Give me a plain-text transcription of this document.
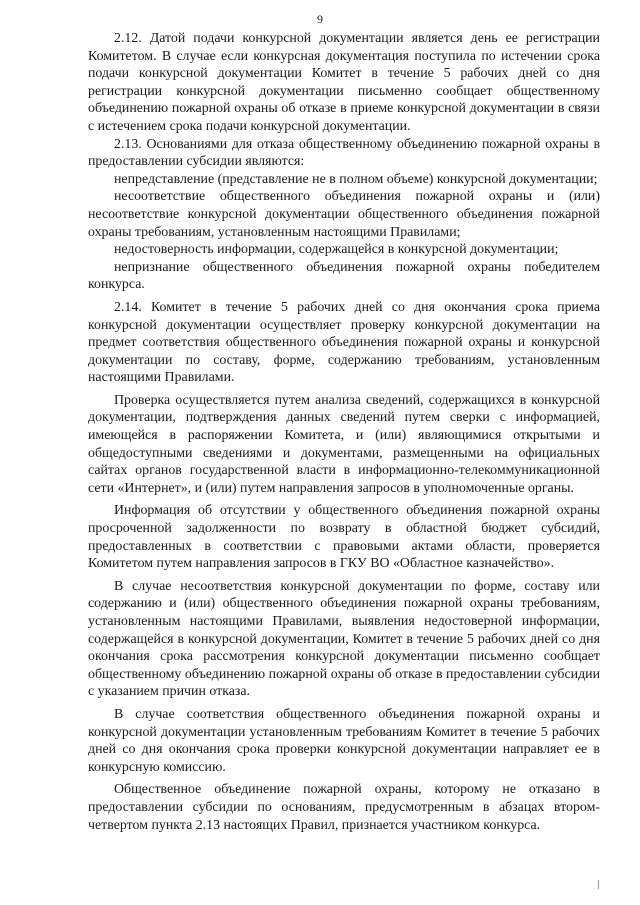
9

2.12. Датой подачи конкурсной документации является день ее регистрации Комитетом. В случае если конкурсная документация поступила по истечении срока подачи конкурсной документации Комитет в течение 5 рабочих дней со дня регистрации конкурсной документации письменно сообщает общественному объединению пожарной охраны об отказе в приеме конкурсной документации в связи с истечением срока подачи конкурсной документации.

2.13. Основаниями для отказа общественному объединению пожарной охраны в предоставлении субсидии являются:

непредставление (представление не в полном объеме) конкурсной документации;

несоответствие общественного объединения пожарной охраны и (или) несоответствие конкурсной документации общественного объединения пожарной охраны требованиям, установленным настоящими Правилами;

недостоверность информации, содержащейся в конкурсной документации;

непризнание общественного объединения пожарной охраны победителем конкурса.

2.14. Комитет в течение 5 рабочих дней со дня окончания срока приема конкурсной документации осуществляет проверку конкурсной документации на предмет соответствия общественного объединения пожарной охраны и конкурсной документации по составу, форме, содержанию требованиям, установленным настоящими Правилами.

Проверка осуществляется путем анализа сведений, содержащихся в конкурсной документации, подтверждения данных сведений путем сверки с информацией, имеющейся в распоряжении Комитета, и (или) являющимися открытыми и общедоступными сведениями и документами, размещенными на официальных сайтах органов государственной власти в информационно-телекоммуникационной сети «Интернет», и (или) путем направления запросов в уполномоченные органы.

Информация об отсутствии у общественного объединения пожарной охраны просроченной задолженности по возврату в областной бюджет субсидий, предоставленных в соответствии с правовыми актами области, проверяется Комитетом путем направления запросов в ГКУ ВО «Областное казначейство».

В случае несоответствия конкурсной документации по форме, составу или содержанию и (или) общественного объединения пожарной охраны требованиям, установленным настоящими Правилами, выявления недостоверной информации, содержащейся в конкурсной документации, Комитет в течение 5 рабочих дней со дня окончания срока рассмотрения конкурсной документации письменно сообщает общественному объединению пожарной охраны об отказе в предоставлении субсидии с указанием причин отказа.

В случае соответствия общественного объединения пожарной охраны и конкурсной документации установленным требованиям Комитет в течение 5 рабочих дней со дня окончания срока проверки конкурсной документации направляет ее в конкурсную комиссию.

Общественное объединение пожарной охраны, которому не отказано в предоставлении субсидии по основаниям, предусмотренным в абзацах втором-четвертом пункта 2.13 настоящих Правил, признается участником конкурса.
